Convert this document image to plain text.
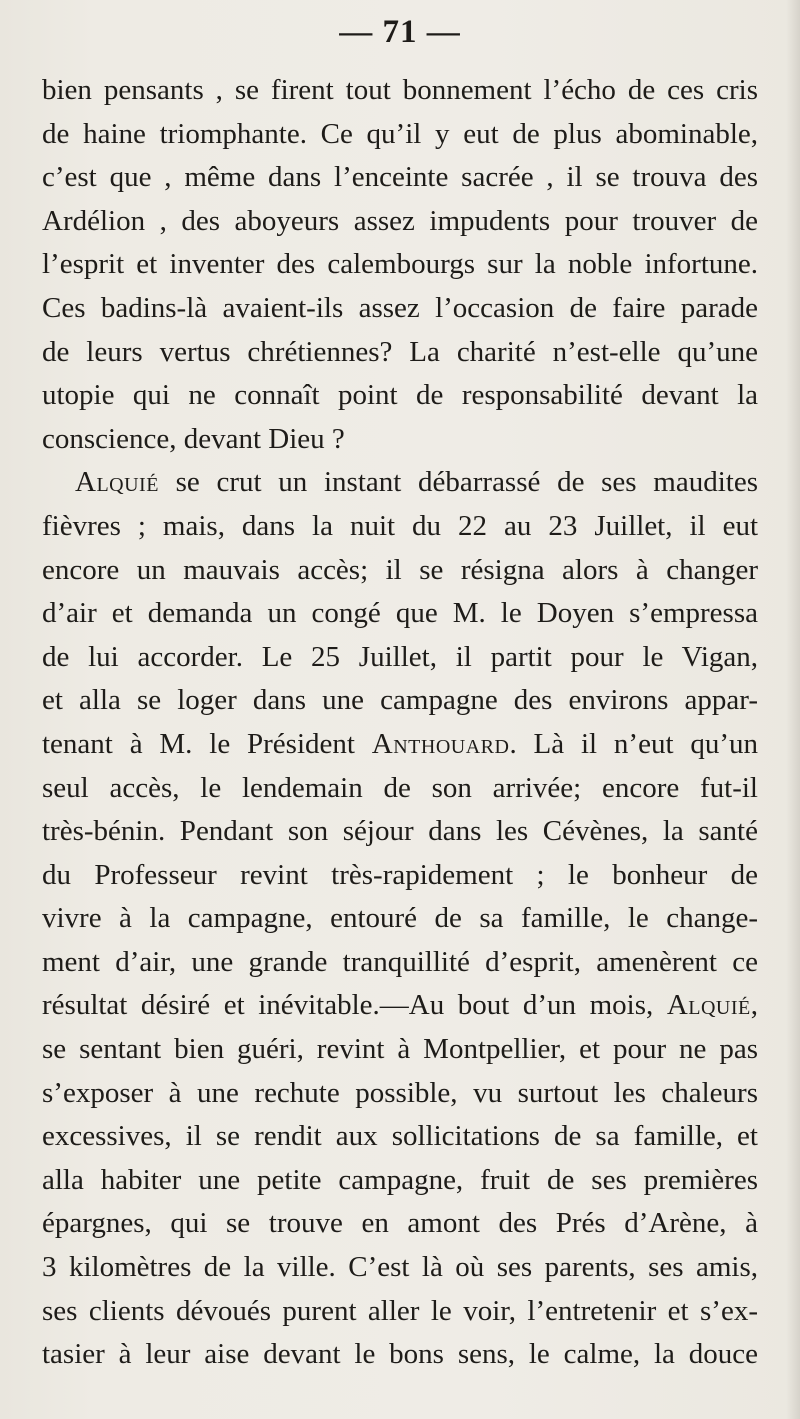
— 71 —
bien pensants , se firent tout bonnement l’écho de ces cris
de haine triomphante. Ce qu’il y eut de plus abominable,
c’est que , même dans l’enceinte sacrée , il se trouva des
Ardélion , des aboyeurs assez impudents pour trouver de
l’esprit et inventer des calembourgs sur la noble infortune.
Ces badins-là avaient-ils assez l’occasion de faire parade
de leurs vertus chrétiennes? La charité n’est-elle qu’une
utopie qui ne connaît point de responsabilité devant la
conscience, devant Dieu ?
Alquié se crut un instant débarrassé de ses maudites
fièvres ; mais, dans la nuit du 22 au 23 Juillet, il eut
encore un mauvais accès; il se résigna alors à changer
d’air et demanda un congé que M. le Doyen s’empressa
de lui accorder. Le 25 Juillet, il partit pour le Vigan,
et alla se loger dans une campagne des environs appar-
tenant à M. le Président Anthouard. Là il n’eut qu’un
seul accès, le lendemain de son arrivée; encore fut-il
très-bénin. Pendant son séjour dans les Cévènes, la santé
du Professeur revint très-rapidement ; le bonheur de
vivre à la campagne, entouré de sa famille, le change-
ment d’air, une grande tranquillité d’esprit, amenèrent ce
résultat désiré et inévitable.—Au bout d’un mois, Alquié,
se sentant bien guéri, revint à Montpellier, et pour ne pas
s’exposer à une rechute possible, vu surtout les chaleurs
excessives, il se rendit aux sollicitations de sa famille, et
alla habiter une petite campagne, fruit de ses premières
épargnes, qui se trouve en amont des Prés d’Arène, à
3 kilomètres de la ville. C’est là où ses parents, ses amis,
ses clients dévoués purent aller le voir, l’entretenir et s’ex-
tasier à leur aise devant le bons sens, le calme, la douce
